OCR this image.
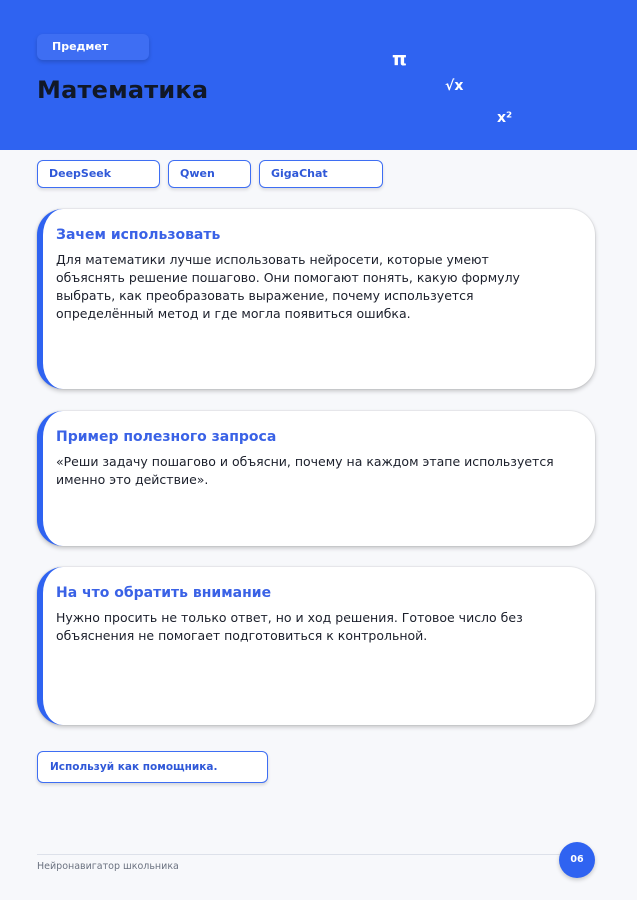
Предмет
Математика
π
√x
x²
DeepSeek	Qwen	GigaChat
Зачем использовать
Для математики лучше использовать нейросети, которые умеют объяснять решение пошагово. Они помогают понять, какую формулу выбрать, как преобразовать выражение, почему используется определённый метод и где могла появиться ошибка.
Пример полезного запроса
«Реши задачу пошагово и объясни, почему на каждом этапе используется именно это действие».
На что обратить внимание
Нужно просить не только ответ, но и ход решения. Готовое число без объяснения не помогает подготовиться к контрольной.
Используй как помощника.
Нейронавигатор школьника
06
